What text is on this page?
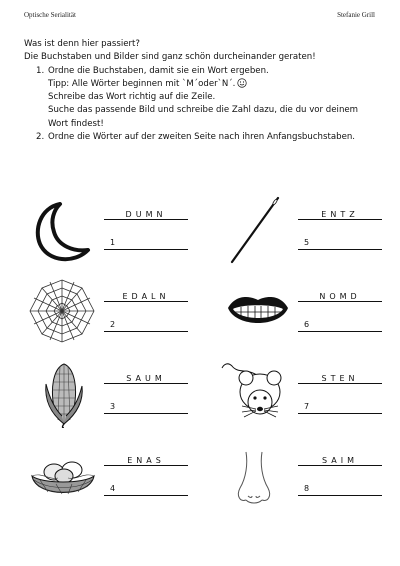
Optische Serialität	Stefanie Grill
Was ist denn hier passiert?
Die Buchstaben und Bilder sind ganz schön durcheinander geraten!
1. Ordne die Buchstaben, damit sie ein Wort ergeben.
Tipp: Alle Wörter beginnen mit `M´oder`N´.
Schreibe das Wort richtig auf die Zeile.
Suche das passende Bild und schreibe die Zahl dazu, die du vor deinem
Wort findest!
2. Ordne die Wörter auf der zweiten Seite nach ihren Anfangsbuchstaben.
DUMN
1
ENTZ
5
EDALN
2
NOMD
6
SAUM
3
STEN
7
ENAS
4
SAIM
8
